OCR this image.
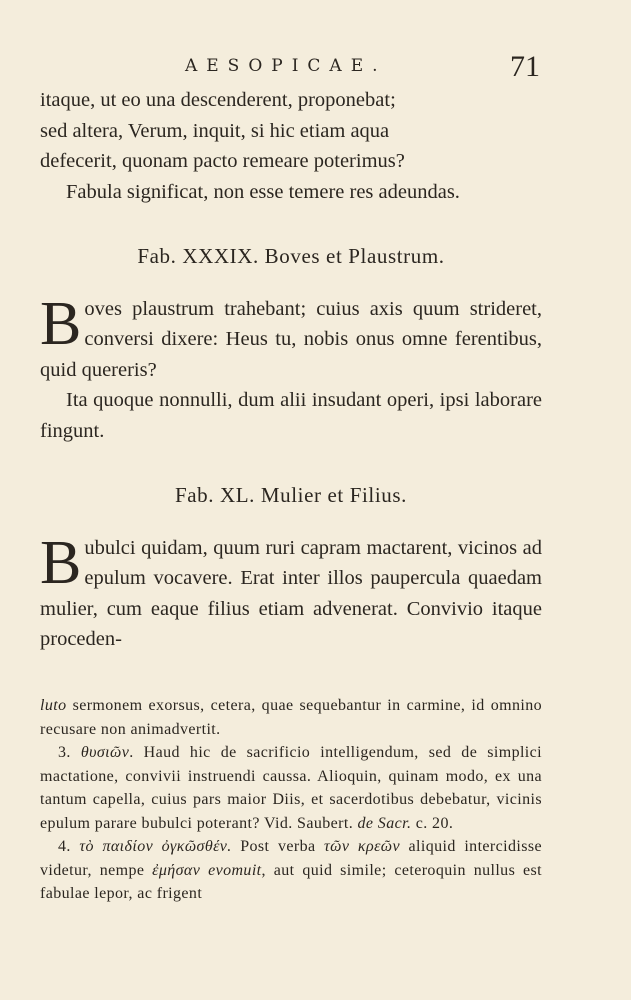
AESOPICAE.	71

itaque, ut eo una descenderent, proponebat;

sed altera, Verum, inquit, si hic etiam aqua

defecerit, quonam pacto remeare poterimus?

Fabula significat, non esse temere res adeundas.

Fab. XXXIX. Boves et Plaustrum.

Boves plaustrum trahebant; cuius axis quum strideret, conversi dixere: Heus tu, nobis onus omne ferentibus, quid quereris?

Ita quoque nonnulli, dum alii insudant operi, ipsi laborare fingunt.

Fab. XL. Mulier et Filius.

Bubulci quidam, quum ruri capram mactarent, vicinos ad epulum vocavere. Erat inter illos paupercula quaedam mulier, cum eaque filius etiam advenerat. Convivio itaque proceden-

luto sermonem exorsus, cetera, quae sequebantur in carmine, id omnino recusare non animadvertit.

3. θυσιῶν. Haud hic de sacrificio intelligendum, sed de simplici mactatione, convivii instruendi caussa. Alioquin, quinam modo, ex una tantum capella, cuius pars maior Diis, et sacerdotibus debebatur, vicinis epulum parare bubulci poterant? Vid. Saubert. de Sacr. c. 20.

4. τὸ παιδίον ὀγκῶσθέν. Post verba τῶν κρεῶν aliquid intercidisse videtur, nempe ἐμήσαν evomuit, aut quid simile; ceteroquin nullus est fabulae lepor, ac frigent
